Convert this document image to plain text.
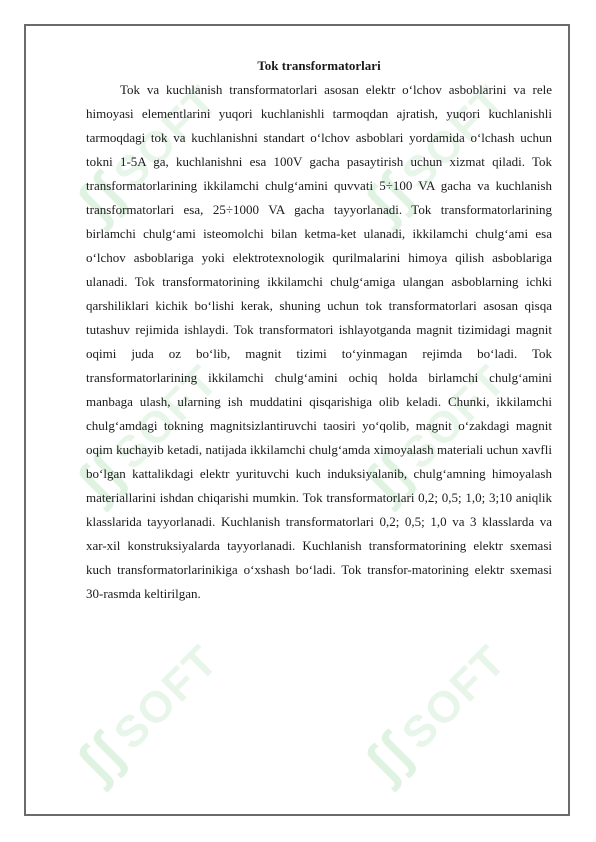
ʃʃSOFT ʃʃSOFT
ʃʃSOFT ʃʃSOFT
ʃʃSOFT ʃʃSOFT
Tok transformatorlari

Tok va kuchlanish transformatorlari asosan elektr o‘lchov asboblarini va rele himoyasi elementlarini yuqori kuchlanishli tarmoqdan ajratish, yuqori kuchlanishli tarmoqdagi tok va kuchlanishni standart o‘lchov asboblari yordamida o‘lchash uchun tokni 1-5A ga, kuchlanishni esa 100V gacha pasaytirish uchun xizmat qiladi. Tok transformatorlarining ikkilamchi chulg‘amini quvvati 5÷100 VA gacha va kuchlanish transformatorlari esa, 25÷1000 VA gacha tayyorlanadi. Tok transformatorlarining birlamchi chulg‘ami isteomolchi bilan ketma-ket ulanadi, ikkilamchi chulg‘ami esa o‘lchov asboblariga yoki elektrotexnologik qurilmalarini himoya qilish asboblariga ulanadi. Tok transformatorining ikkilamchi chulg‘amiga ulangan asboblarning ichki qarshiliklari kichik bo‘lishi kerak, shuning uchun tok transformatorlari asosan qisqa tutashuv rejimida ishlaydi. Tok transformatori ishlayotganda magnit tizimidagi magnit oqimi juda oz bo‘lib, magnit tizimi to‘yinmagan rejimda bo‘ladi. Tok transformatorlarining ikkilamchi chulg‘amini ochiq holda birlamchi chulg‘amini manbaga ulash, ularning ish muddatini qisqarishiga olib keladi. Chunki, ikkilamchi chulg‘amdagi tokning magnitsizlantiruvchi taosiri yo‘qolib, magnit o‘zakdagi magnit oqim kuchayib ketadi, natijada ikkilamchi chulg‘amda ximoyalash materiali uchun xavfli bo‘lgan kattalikdagi elektr yurituvchi kuch induksiyalanib, chulg‘amning himoyalash materiallarini ishdan chiqarishi mumkin. Tok transformatorlari 0,2; 0,5; 1,0; 3;10 aniqlik klasslarida tayyorlanadi. Kuchlanish transformatorlari 0,2; 0,5; 1,0 va 3 klasslarda va xar-xil konstruksiyalarda tayyorlanadi. Kuchlanish transformatorining elektr sxemasi kuch transformatorlarinikiga o‘xshash bo‘ladi. Tok transfor-matorining elektr sxemasi 30-rasmda keltirilgan.
